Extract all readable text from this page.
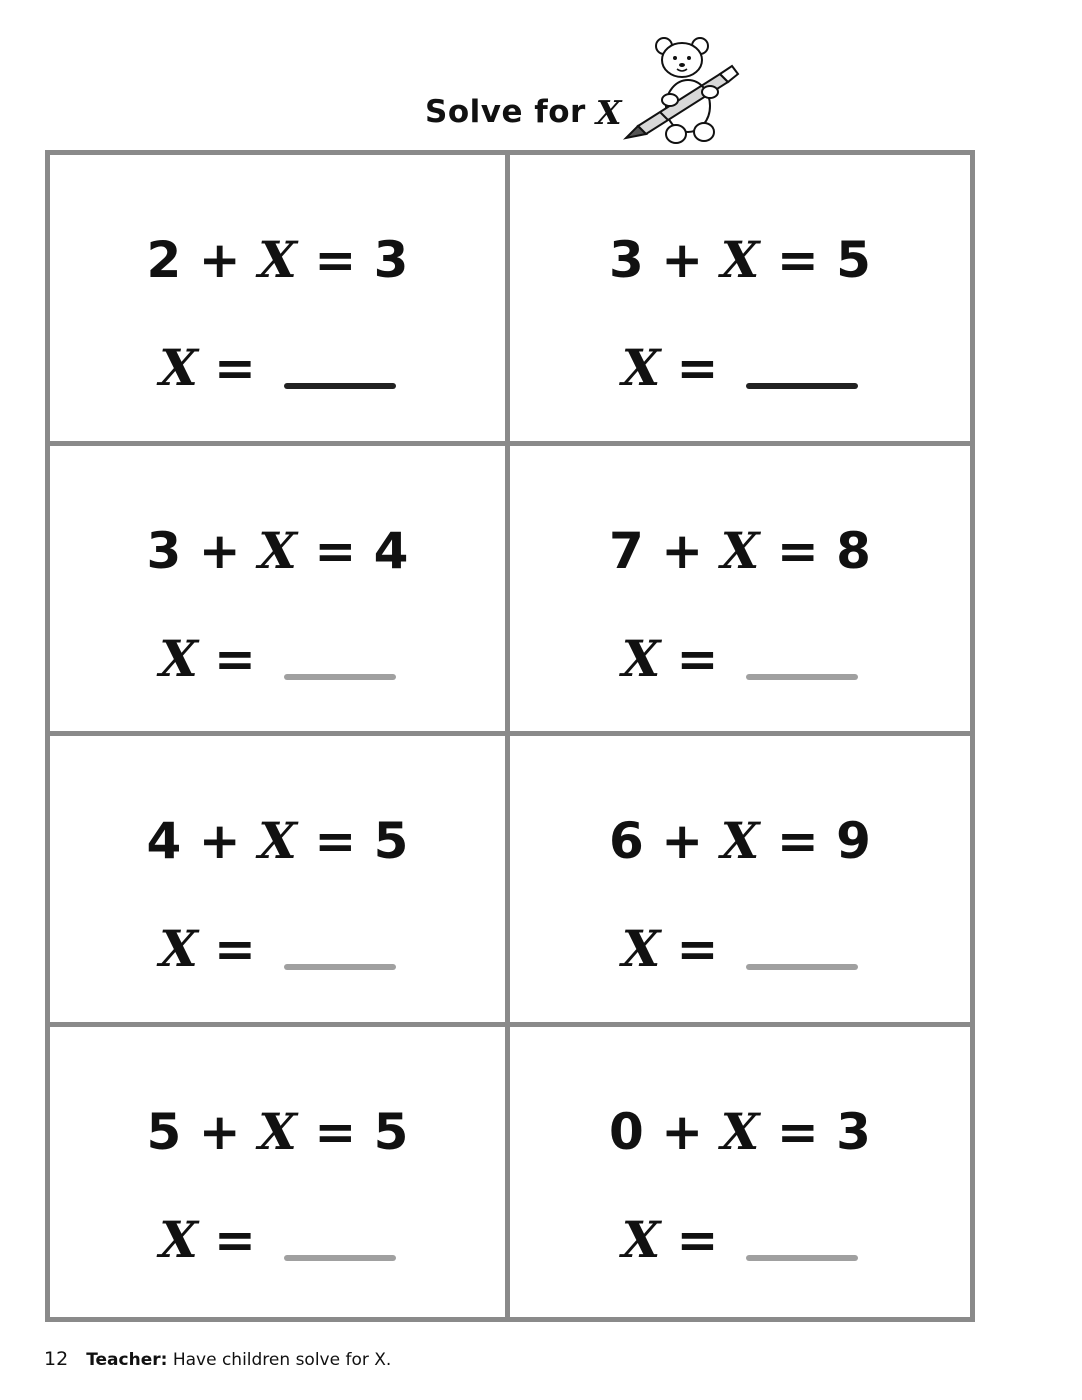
Solve for X
2 + X = 3
X =
3 + X = 5
X =
3 + X = 4
X =
7 + X = 8
X =
4 + X = 5
X =
6 + X = 9
X =
5 + X = 5
X =
0 + X = 3
X =
12 Teacher: Have children solve for X.
